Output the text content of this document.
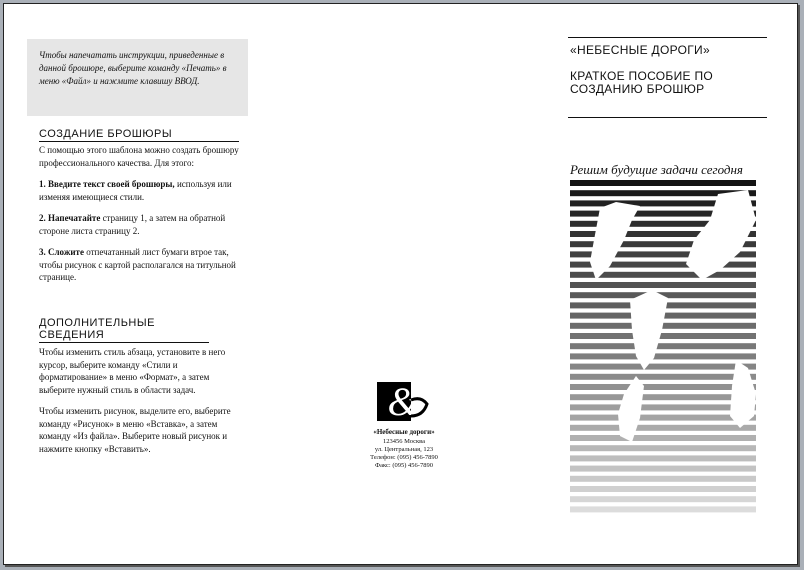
Чтобы напечатать инструкции, приведенные в данной брошюре, выберите команду «Печать» в меню «Файл» и нажмите клавишу ВВОД.

СОЗДАНИЕ БРОШЮРЫ

С помощью этого шаблона можно создать брошюру профессионального качества. Для этого:

1. Введите текст своей брошюры, используя или изменяя имеющиеся стили.

2. Напечатайте страницу 1, а затем на обратной стороне листа страницу 2.

3. Сложите отпечатанный лист бумаги втрое так, чтобы рисунок с картой располагался на титульной странице.

ДОПОЛНИТЕЛЬНЫЕ СВЕДЕНИЯ

Чтобы изменить стиль абзаца, установите в него курсор, выберите команду «Стили и форматирование» в меню «Формат», а затем выберите нужный стиль в области задач.

Чтобы изменить рисунок, выделите его, выберите команду «Рисунок» в меню «Вставка», а затем команду «Из файла». Выберите новый рисунок и нажмите кнопку «Вставить».

&
«Небесные дороги»
123456 Москва
ул. Центральная, 123
Телефон: (095) 456-7890
Факс: (095) 456-7890
«НЕБЕСНЫЕ ДОРОГИ»
КРАТКОЕ ПОСОБИЕ ПО СОЗДАНИЮ БРОШЮР
Решим будущие задачи сегодня
